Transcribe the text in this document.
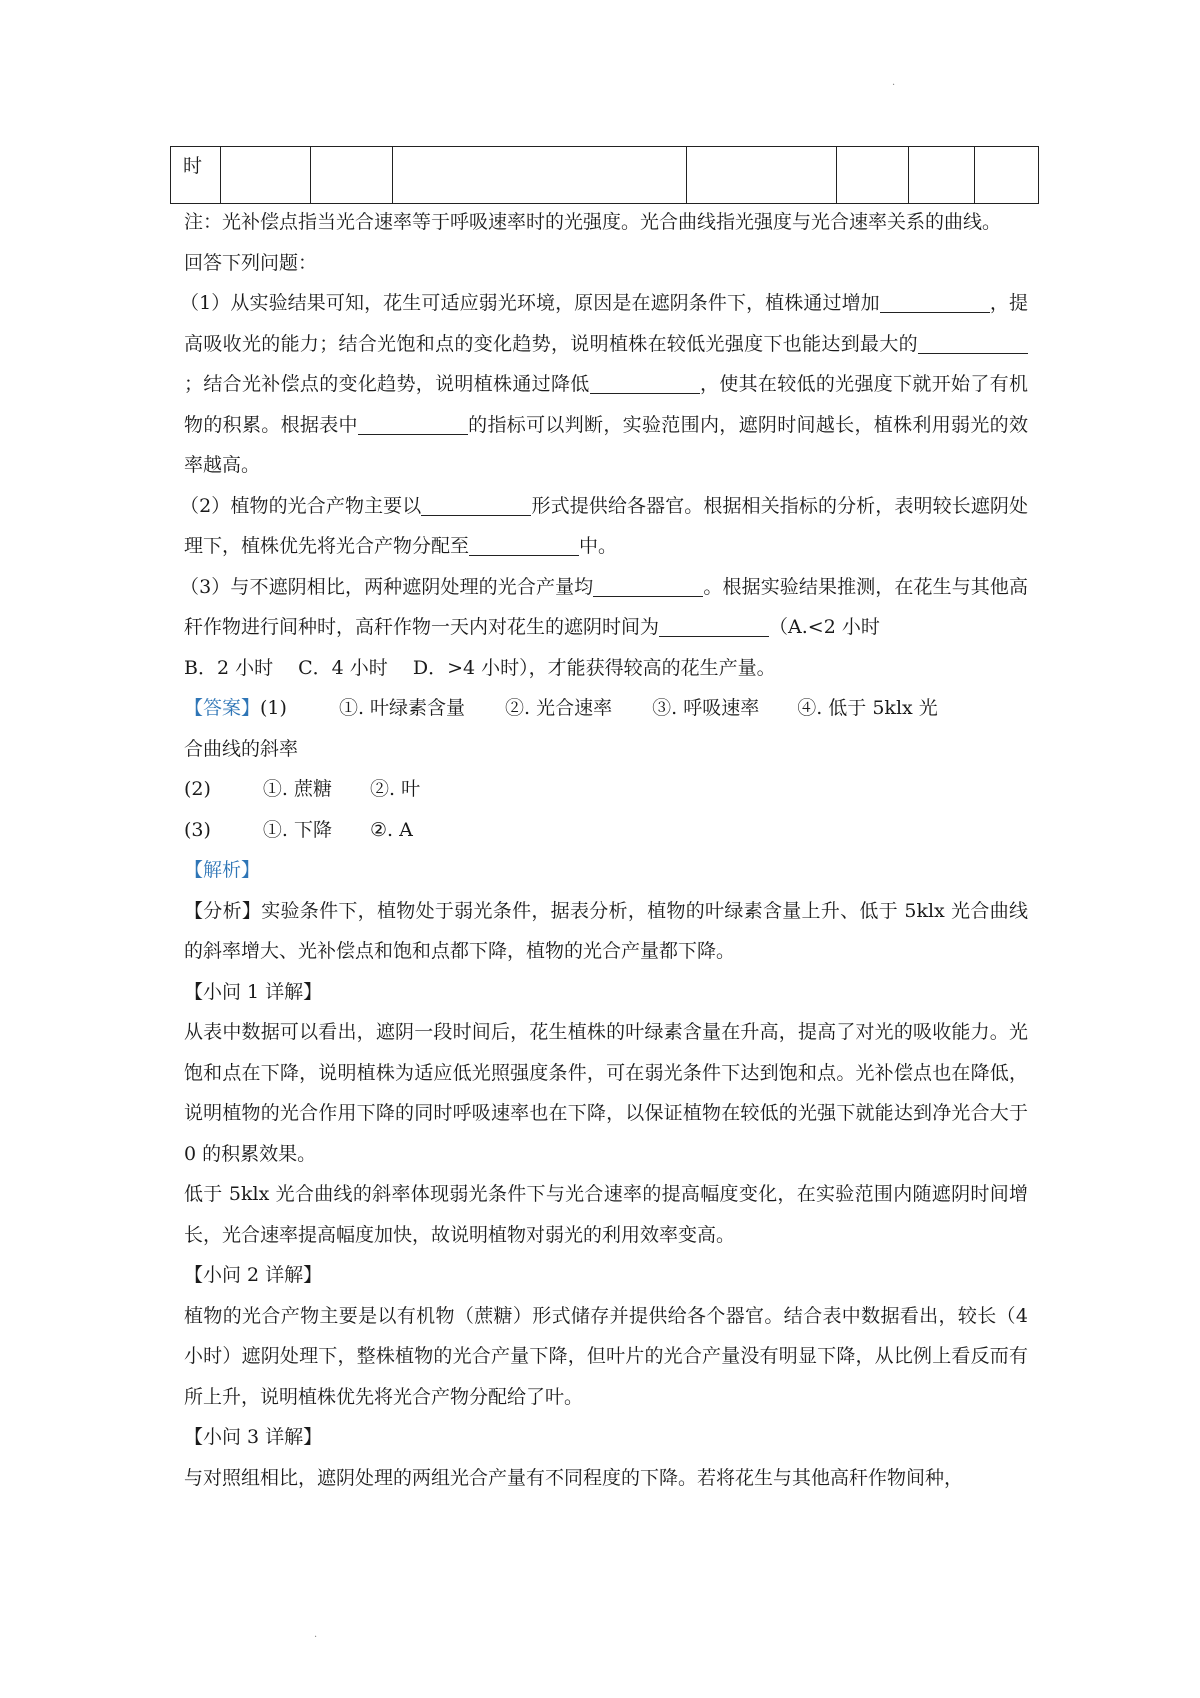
·
时							

注：光补偿点指当光合速率等于呼吸速率时的光强度。光合曲线指光强度与光合速率关系的曲线。

回答下列问题：

（1）从实验结果可知，花生可适应弱光环境，原因是在遮阴条件下，植株通过增加	，提高吸收光的能力；结合光饱和点的变化趋势，说明植株在较低光强度下也能达到最大的；结合光补偿点的变化趋势，说明植株通过降低	，使其在较低的光强度下就开始了有机物的积累。根据表中	的指标可以判断，实验范围内，遮阴时间越长，植株利用弱光的效率越高。

（2）植物的光合产物主要以	形式提供给各器官。根据相关指标的分析，表明较长遮阴处理下，植株优先将光合产物分配至	中。

（3）与不遮阴相比，两种遮阴处理的光合产量均	。根据实验结果推测，在花生与其他高秆作物进行间种时，高秆作物一天内对花生的遮阴时间为	（A.<2 小时
B．2 小时　 C．4 小时　 D．>4 小时），才能获得较高的花生产量。

【答案】(1)	①. 叶绿素含量 ②. 光合速率 ③. 呼吸速率 ④. 低于 5klx 光

合曲线的斜率

(2)	①. 蔗糖 ②. 叶

(3)	①. 下降 ②. A

【解析】

【分析】实验条件下，植物处于弱光条件，据表分析，植物的叶绿素含量上升、低于 5klx 光合曲线的斜率增大、光补偿点和饱和点都下降，植物的光合产量都下降。

【小问 1 详解】

从表中数据可以看出，遮阴一段时间后，花生植株的叶绿素含量在升高，提高了对光的吸收能力。光饱和点在下降，说明植株为适应低光照强度条件，可在弱光条件下达到饱和点。光补偿点也在降低，说明植物的光合作用下降的同时呼吸速率也在下降，以保证植物在较低的光强下就能达到净光合大于 0 的积累效果。

低于 5klx 光合曲线的斜率体现弱光条件下与光合速率的提高幅度变化，在实验范围内随遮阴时间增长，光合速率提高幅度加快，故说明植物对弱光的利用效率变高。

【小问 2 详解】

植物的光合产物主要是以有机物（蔗糖）形式储存并提供给各个器官。结合表中数据看出，较长（4 小时）遮阴处理下，整株植物的光合产量下降，但叶片的光合产量没有明显下降，从比例上看反而有所上升，说明植株优先将光合产物分配给了叶。

【小问 3 详解】

与对照组相比，遮阴处理的两组光合产量有不同程度的下降。若将花生与其他高秆作物间种，

·
